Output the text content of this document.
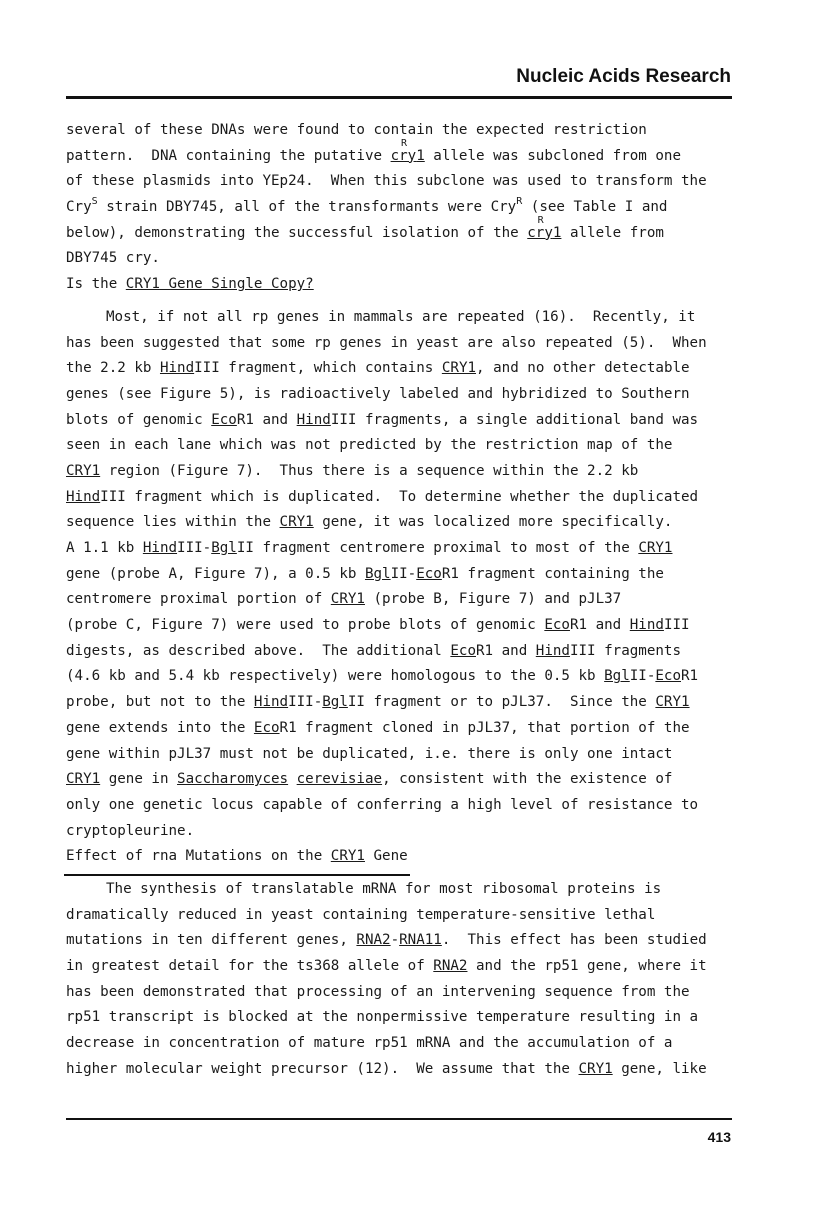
Nucleic Acids Research
several of these DNAs were found to contain the expected restriction
pattern.  DNA containing the putative cry
R
1 allele was subcloned from one
of these plasmids into YEp24.  When this subclone was used to transform the
Cry$^S$ strain DBY745, all of the transformants were Cry$^R$ (see Table I and
below), demonstrating the successful isolation of the cry
R
1 allele from
DBY745 cry.
Is the CRY1 Gene Single Copy?
Most, if not all rp genes in mammals are repeated (16).  Recently, it
has been suggested that some rp genes in yeast are also repeated (5).  When
the 2.2 kb HindIII fragment, which contains CRY1, and no other detectable
genes (see Figure 5), is radioactively labeled and hybridized to Southern
blots of genomic EcoR1 and HindIII fragments, a single additional band was
seen in each lane which was not predicted by the restriction map of the
CRY1 region (Figure 7).  Thus there is a sequence within the 2.2 kb
HindIII fragment which is duplicated.  To determine whether the duplicated
sequence lies within the CRY1 gene, it was localized more specifically.
A 1.1 kb HindIII-BglII fragment centromere proximal to most of the CRY1
gene (probe A, Figure 7), a 0.5 kb BglII-EcoR1 fragment containing the
centromere proximal portion of CRY1 (probe B, Figure 7) and pJL37
(probe C, Figure 7) were used to probe blots of genomic EcoR1 and HindIII
digests, as described above.  The additional EcoR1 and HindIII fragments
(4.6 kb and 5.4 kb respectively) were homologous to the 0.5 kb BglII-EcoR1
probe, but not to the HindIII-BglII fragment or to pJL37.  Since the CRY1
gene extends into the EcoR1 fragment cloned in pJL37, that portion of the
gene within pJL37 must not be duplicated, i.e. there is only one intact
CRY1 gene in Saccharomyces cerevisiae, consistent with the existence of
only one genetic locus capable of conferring a high level of resistance to
cryptopleurine.
Effect of rna Mutations on the CRY1 Gene
The synthesis of translatable mRNA for most ribosomal proteins is
dramatically reduced in yeast containing temperature-sensitive lethal
mutations in ten different genes, RNA2-RNA11.  This effect has been studied
in greatest detail for the ts368 allele of RNA2 and the rp51 gene, where it
has been demonstrated that processing of an intervening sequence from the
rp51 transcript is blocked at the nonpermissive temperature resulting in a
decrease in concentration of mature rp51 mRNA and the accumulation of a
higher molecular weight precursor (12).  We assume that the CRY1 gene, like
413
